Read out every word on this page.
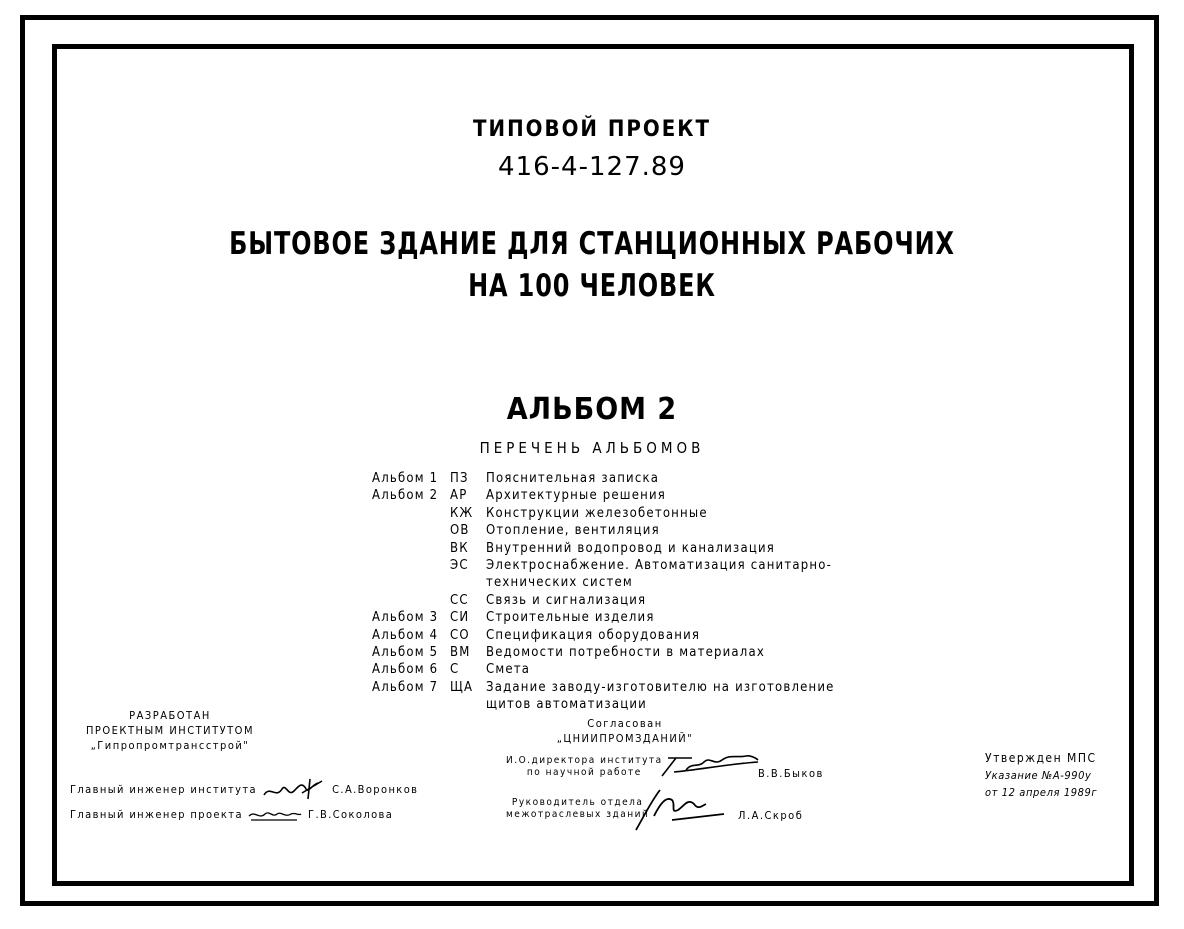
ТИПОВОЙ ПРОЕКТ
416-4-127.89
БЫТОВОЕ ЗДАНИЕ ДЛЯ СТАНЦИОННЫХ РАБОЧИХ
НА 100 ЧЕЛОВЕК
АЛЬБОМ 2
ПЕРЕЧЕНЬ АЛЬБОМОВ
Альбом 1 ПЗ	Пояснительная записка
Альбом 2 АР	Архитектурные решения
КЖ Конструкции железобетонные
ОВ	Отопление, вентиляция
ВК	Внутренний водопровод и канализация
ЭС	Электроснабжение. Автоматизация санитарно-
технических систем
СС	Связь и сигнализация
Альбом 3 СИ	Строительные изделия
Альбом 4 СО	Спецификация оборудования
Альбом 5 ВМ	Ведомости потребности в материалах
Альбом 6 С	Смета
Альбом 7 ЩА Задание заводу-изготовителю на изготовление
щитов автоматизации
РАЗРАБОТАН
ПРОЕКТНЫМ ИНСТИТУТОМ
„Гипропромтрансстрой"
Главный инженер института	С.А.Воронков
Главный инженер проекта	Г.В.Соколова
Согласован
„ЦНИИПРОМЗДАНИЙ"
И.О.директора института
по научной работе	В.В.Быков
Руководитель отдела
межотраслевых зданий	Л.А.Скроб
Утвержден МПС
Указание №А-990у
от 12 апреля 1989г
